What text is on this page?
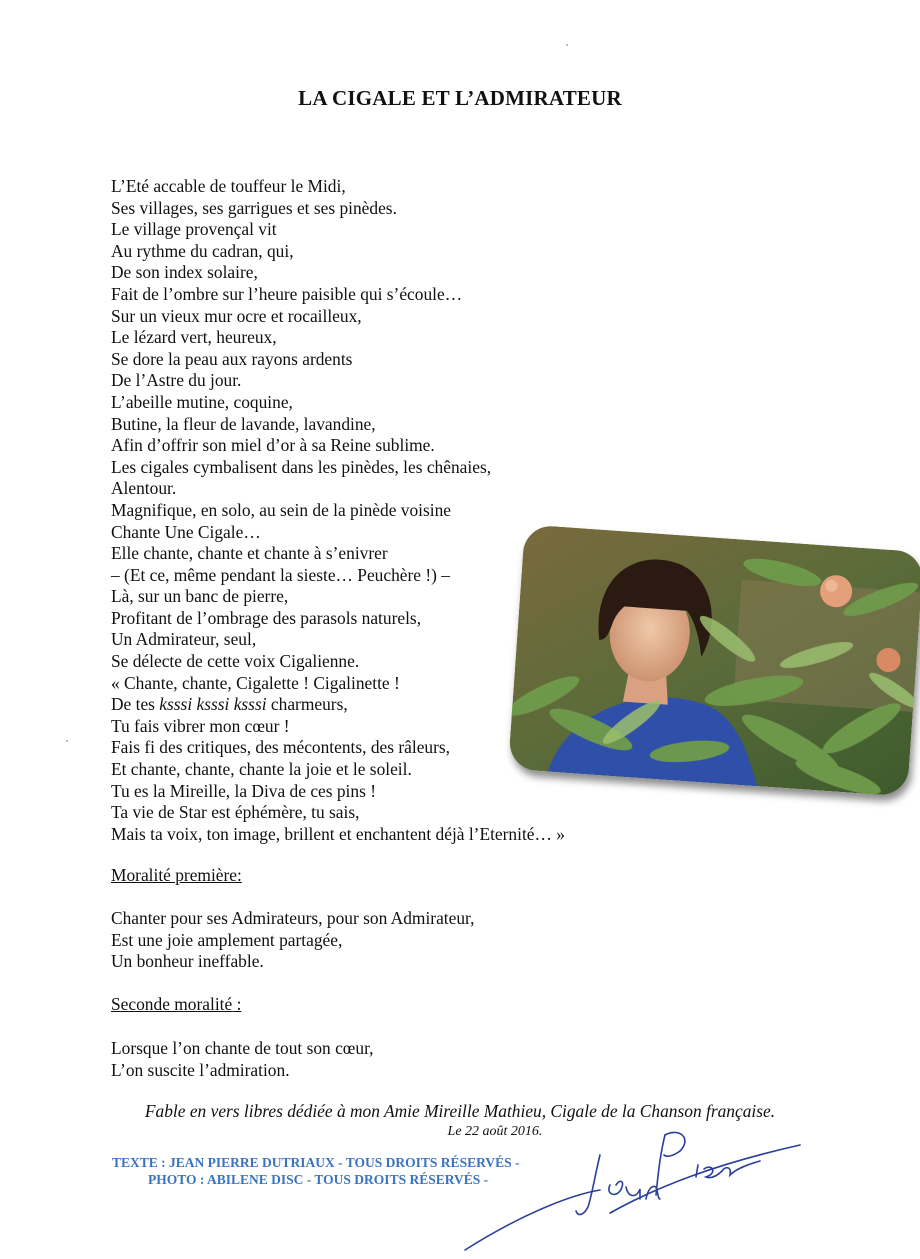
LA CIGALE ET L’ADMIRATEUR
L’Eté accable de touffeur le Midi,
Ses villages, ses garrigues et ses pinèdes.
Le village provençal vit
Au rythme du cadran, qui,
De son index solaire,
Fait de l’ombre sur l’heure paisible qui s’écoule…
Sur un vieux mur ocre et rocailleux,
Le lézard vert, heureux,
Se dore la peau aux rayons ardents
De l’Astre du jour.
L’abeille mutine, coquine,
Butine, la fleur de lavande, lavandine,
Afin d’offrir son miel d’or à sa Reine sublime.
Les cigales cymbalisent dans les pinèdes, les chênaies,
Alentour.
Magnifique, en solo, au sein de la pinède voisine
Chante Une Cigale…
Elle chante, chante et chante à s’enivrer
– (Et ce, même pendant la sieste… Peuchère !) –
Là, sur un banc de pierre,
Profitant de l’ombrage des parasols naturels,
Un Admirateur, seul,
Se délecte de cette voix Cigalienne.
« Chante, chante, Cigalette ! Cigalinette !
De tes ksssi ksssi ksssi charmeurs,
Tu fais vibrer mon cœur !
Fais fi des critiques, des mécontents, des râleurs,
Et chante, chante, chante la joie et le soleil.
Tu es la Mireille, la Diva de ces pins !
Ta vie de Star est éphémère, tu sais,
Mais ta voix, ton image, brillent et enchantent déjà l’Eternité… »
Moralité première:
Chanter pour ses Admirateurs, pour son Admirateur,
Est une joie amplement partagée,
Un bonheur ineffable.
Seconde moralité :
Lorsque l’on chante de tout son cœur,
L’on suscite l’admiration.
Fable en vers libres dédiée à mon Amie Mireille Mathieu, Cigale de la Chanson française.
Le 22 août 2016.
TEXTE : JEAN PIERRE DUTRIAUX - TOUS DROITS RÉSERVÉS -
PHOTO : ABILENE DISC - TOUS DROITS RÉSERVÉS -
